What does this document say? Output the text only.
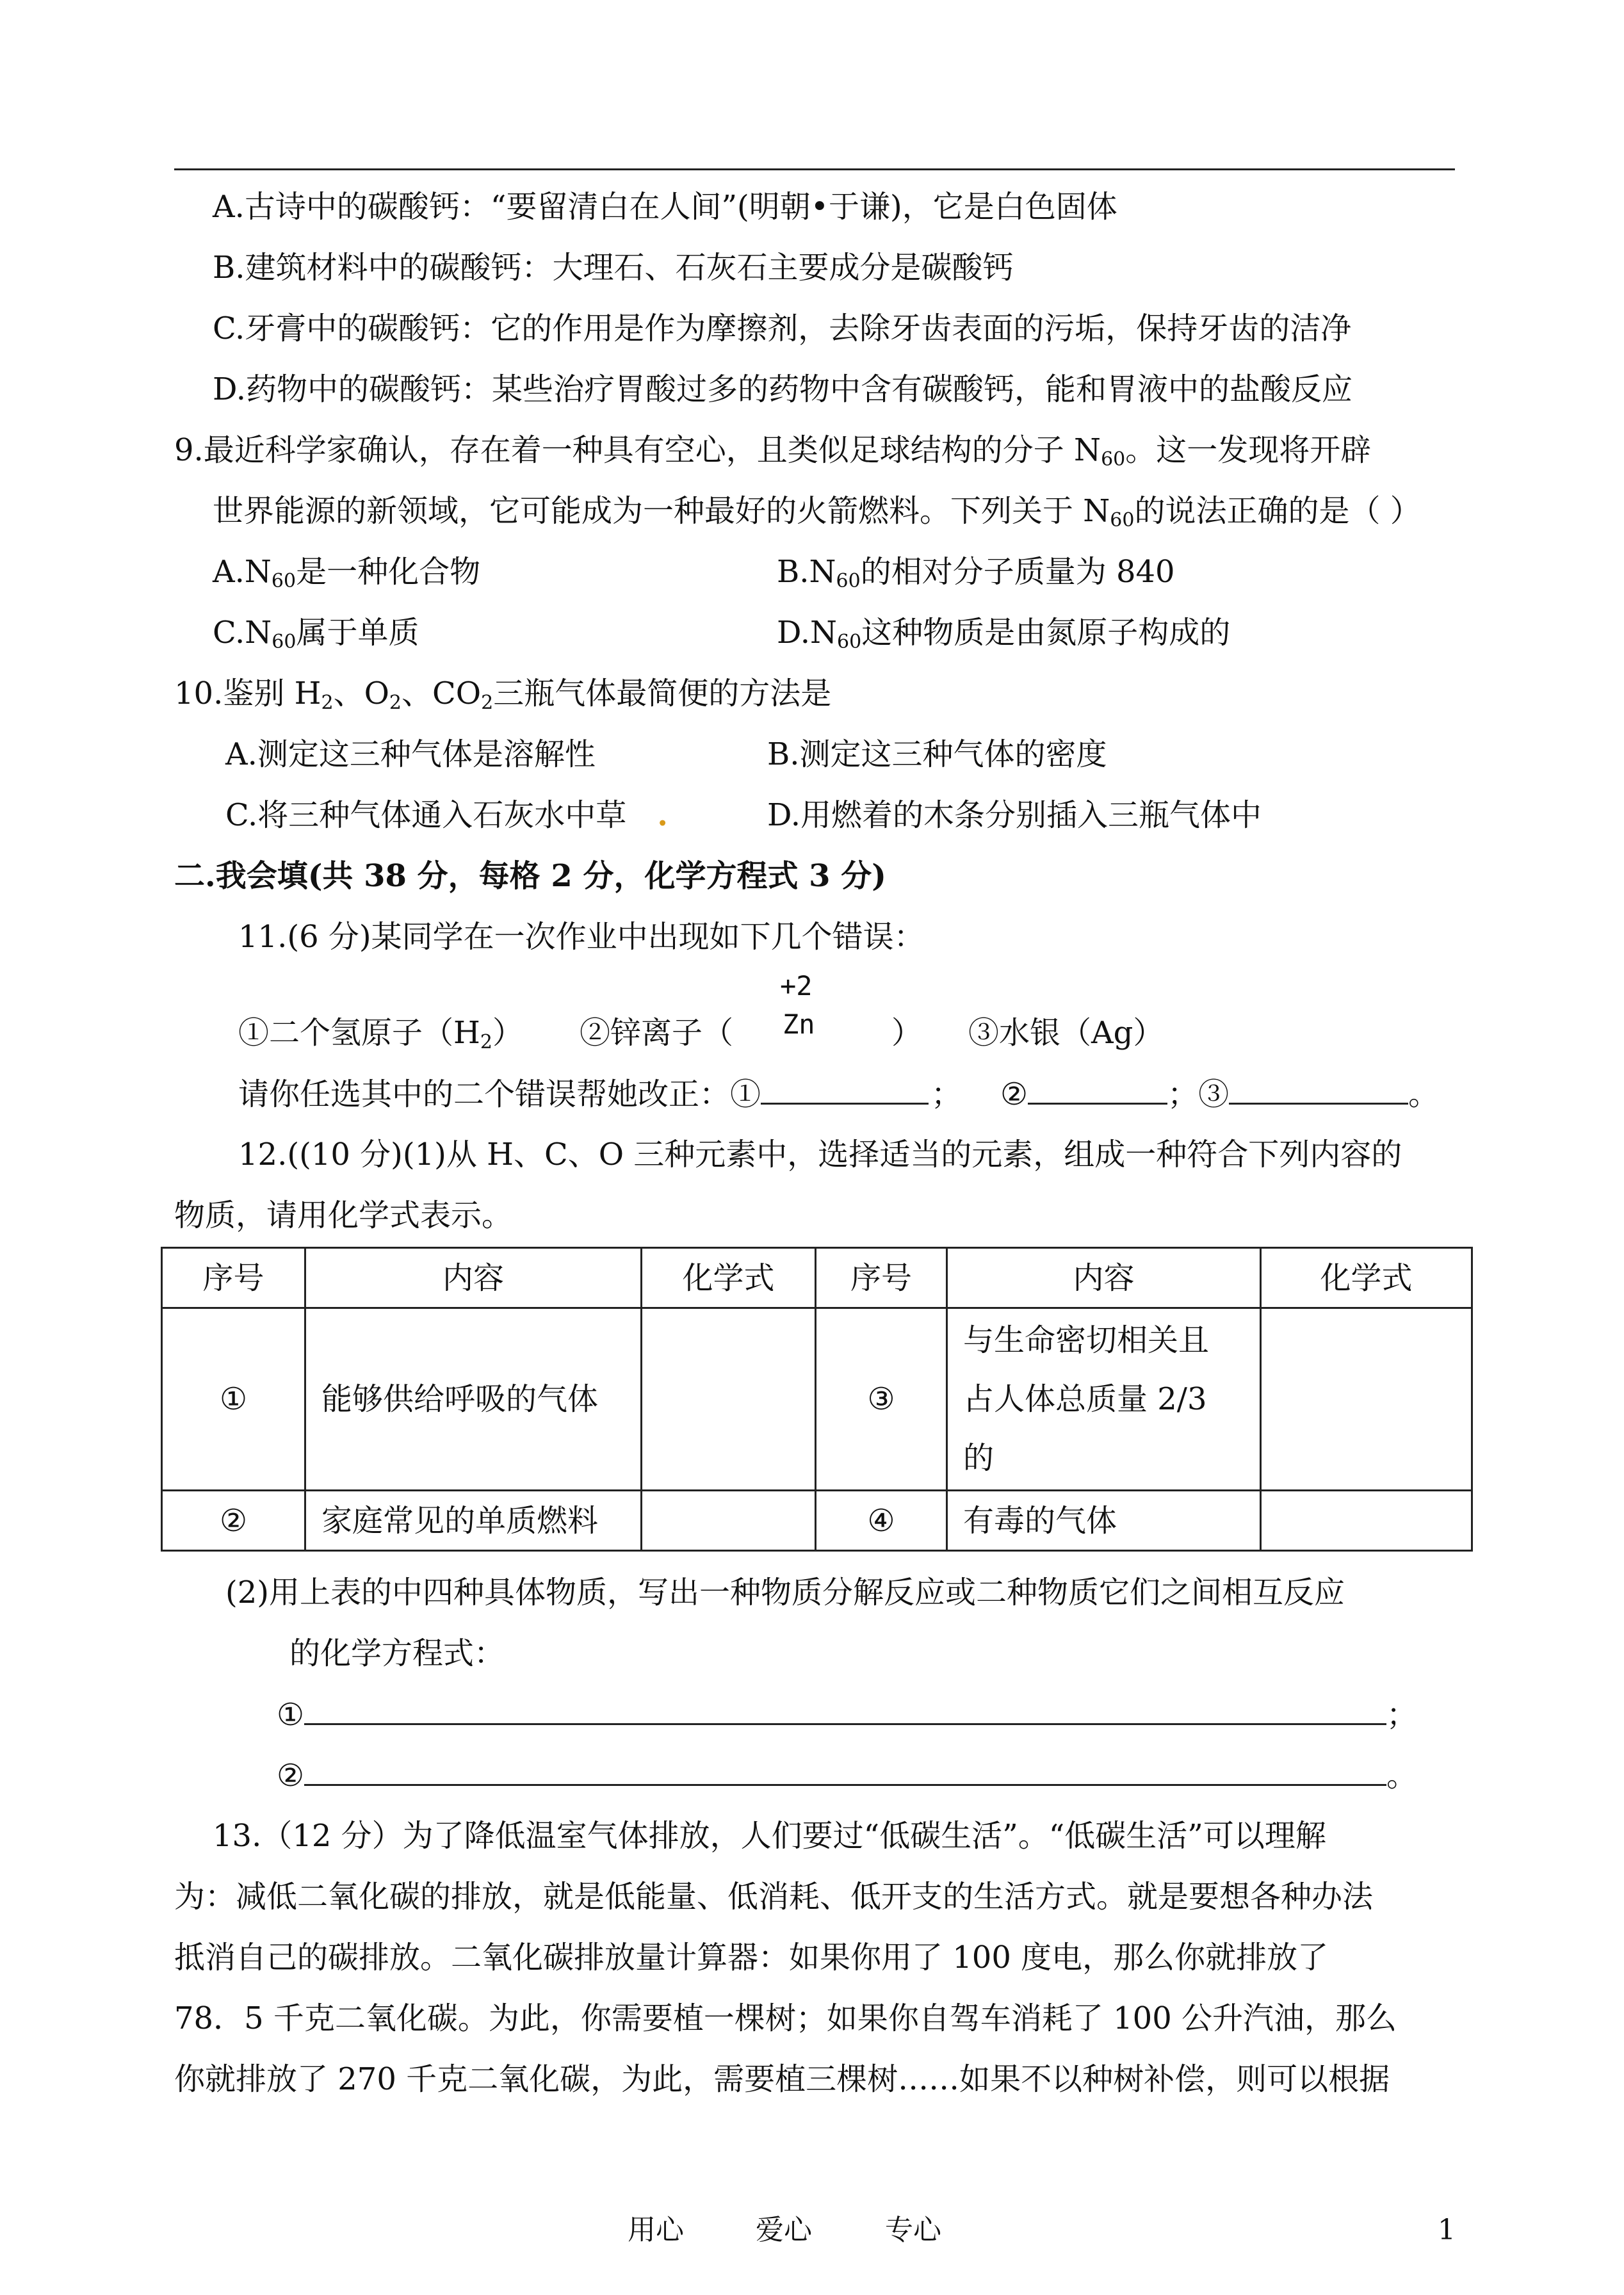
A.古诗中的碳酸钙：“要留清白在人间”(明朝•于谦)，它是白色固体
B.建筑材料中的碳酸钙：大理石、石灰石主要成分是碳酸钙
C.牙膏中的碳酸钙：它的作用是作为摩擦剂，去除牙齿表面的污垢，保持牙齿的洁净
D.药物中的碳酸钙：某些治疗胃酸过多的药物中含有碳酸钙，能和胃液中的盐酸反应
9.最近科学家确认，存在着一种具有空心，且类似足球结构的分子 $N_{60}$。这一发现将开辟
世界能源的新领域，它可能成为一种最好的火箭燃料。下列关于 $N_{60}$的说法正确的是（ ）
$A.N_{60}$是一种化合物	$B.N_{60}$的相对分子质量为 840
$C.N_{60}$属于单质	$D.N_{60}$这种物质是由氮原子构成的
10.鉴别 $H_2$、$O_2$、$CO_2$三瓶气体最简便的方法是
A.测定这三种气体是溶解性	B.测定这三种气体的密度
C.将三种气体通入石灰水中草 .	D.用燃着的木条分别插入三瓶气体中
二.我会填(共 38 分，每格 2 分，化学方程式 3 分)
11.(6 分)某同学在一次作业中出现如下几个错误：
+2
①二个氢原子$(H_2)$ ②锌离子（ Zn ） ③水银（Ag）
请你任选其中的二个错误帮她改正：①	； ②	；③	。
12.((10 分)(1)从 H、C、O 三种元素中，选择适当的元素，组成一种符合下列内容的
物质，请用化学式表示。
序号	内容	化学式	序号	内容	化学式
①	能够供给呼吸的气体		③	与生命密切相关且
占人体总质量 2/3
的	

②	家庭常见的单质燃料		④	有毒的气体	
(2)用上表的中四种具体物质，写出一种物质分解反应或二种物质它们之间相互反应
的化学方程式：
①	；
②	。
13.（12 分）为了降低温室气体排放，人们要过“低碳生活”。“低碳生活”可以理解
为：减低二氧化碳的排放，就是低能量、低消耗、低开支的生活方式。就是要想各种办法
抵消自己的碳排放。二氧化碳排放量计算器：如果你用了 100 度电，那么你就排放了
78．5 千克二氧化碳。为此，你需要植一棵树；如果你自驾车消耗了 100 公升汽油，那么
你就排放了 270 千克二氧化碳，为此，需要植三棵树……如果不以种树补偿，则可以根据
用心	爱心	专心	1
